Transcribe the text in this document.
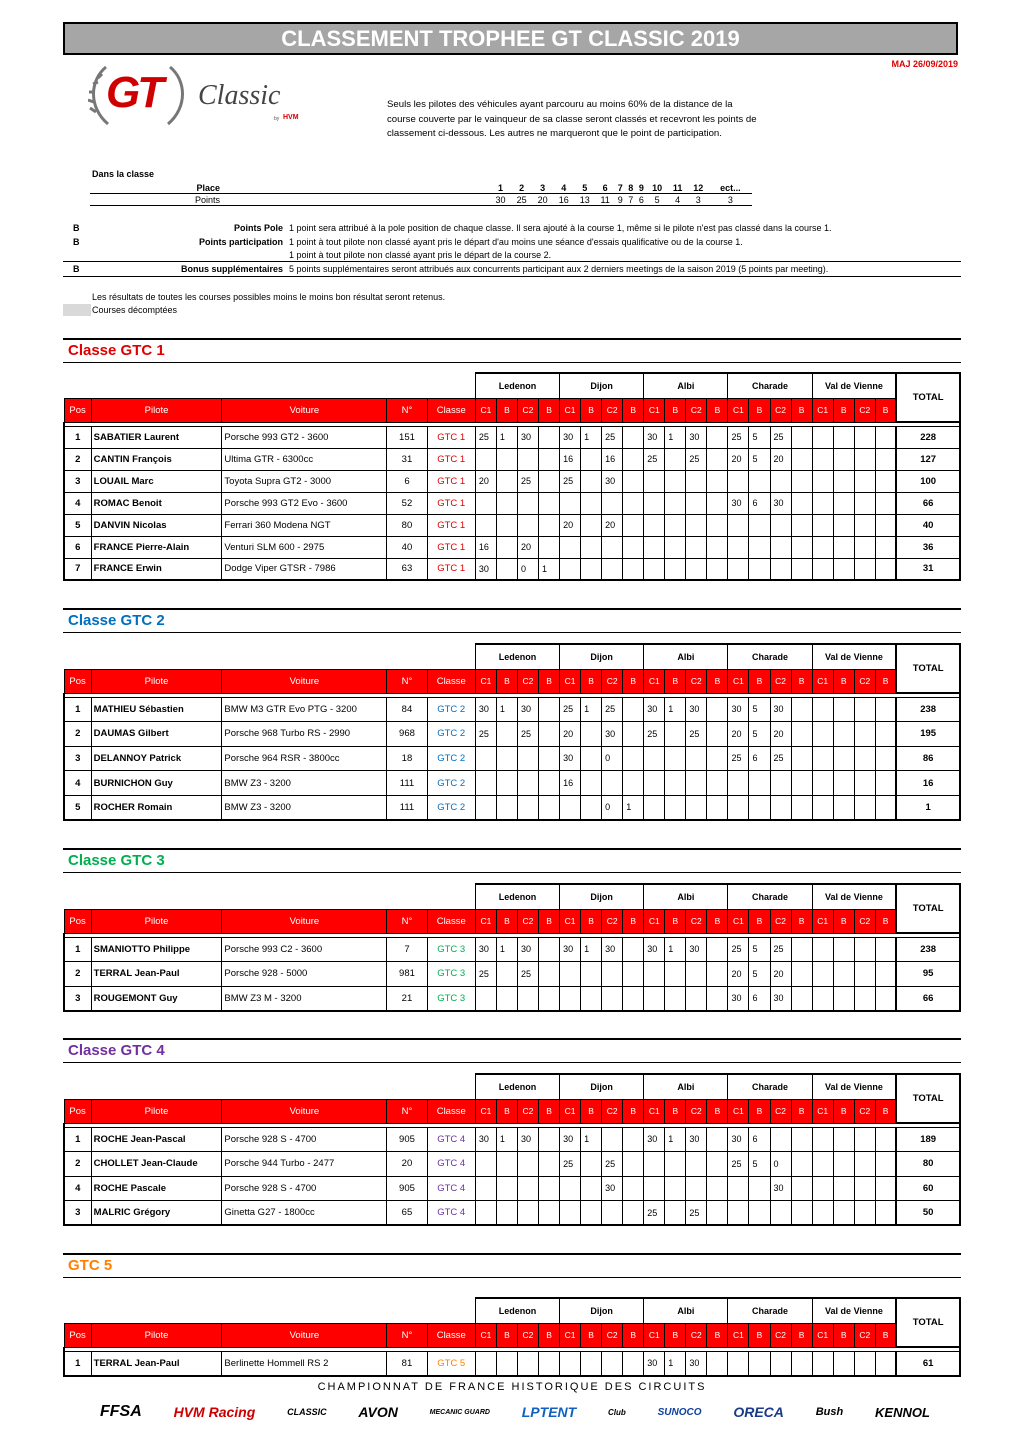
CLASSEMENT TROPHEE GT CLASSIC 2019
MAJ 26/09/2019
GT Classic
by HVM
Seuls les pilotes des véhicules ayant parcouru au moins 60% de la distance de la course couverte par le vainqueur de sa classe seront classés et recevront les points de classement ci-dessous. Les autres ne marqueront que le point de participation.
Dans la classe
Place		1	2	3	4	5	6	7	8	9	10	11	12	ect...
Points		30	25	20	16	13	11	9	7	6	5	4	3	3
B	Points Pole 1 point sera attribué à la pole position de chaque classe. Il sera ajouté à la course 1, même si le pilote n'est pas classé dans la course 1.
B	Points participation 1 point à tout pilote non classé ayant pris le départ d'au moins une séance d'essais qualificative ou de la course 1.
1 point à tout pilote non classé ayant pris le départ de la course 2.
B	Bonus supplémentaires 5 points supplémentaires seront attribués aux concurrents participant aux 2 derniers meetings de la saison 2019 (5 points par meeting).
Les résultats de toutes les courses possibles moins le moins bon résultat seront retenus.
Courses décomptées
Classe GTC 1
					Ledenon				Dijon				Albi				Charade				Val de Vienne				TOTAL
Pos	Pilote	Voiture	N°	Classe	C1	B	C2	B	C1	B	C2	B	C1	B	C2	B	C1	B	C2	B	C1	B	C2	B	

1	SABATIER Laurent	Porsche 993 GT2 - 3600	151	GTC 1	25	1	30		30	1	25		30	1	30		25	5	25						228
2	CANTIN François	Ultima GTR - 6300cc	31	GTC 1					16		16		25		25		20	5	20						127
3	LOUAIL Marc	Toyota Supra GT2 - 3000	6	GTC 1	20		25		25		30														100
4	ROMAC Benoit	Porsche 993 GT2 Evo - 3600	52	GTC 1													30	6	30						66
5	DANVIN Nicolas	Ferrari 360 Modena NGT	80	GTC 1					20		20														40
6	FRANCE Pierre-Alain	Venturi SLM 600 - 2975	40	GTC 1	16		20																		36
7	FRANCE Erwin	Dodge Viper GTSR - 7986	63	GTC 1	30		0	1																	31
Classe GTC 2
					Ledenon				Dijon				Albi				Charade				Val de Vienne				TOTAL
Pos	Pilote	Voiture	N°	Classe	C1	B	C2	B	C1	B	C2	B	C1	B	C2	B	C1	B	C2	B	C1	B	C2	B	

1	MATHIEU Sébastien	BMW M3 GTR Evo PTG - 3200	84	GTC 2	30	1	30		25	1	25		30	1	30		30	5	30						238
2	DAUMAS Gilbert	Porsche 968 Turbo RS - 2990	968	GTC 2	25		25		20		30		25		25		20	5	20						195
3	DELANNOY Patrick	Porsche 964 RSR - 3800cc	18	GTC 2					30		0						25	6	25						86
4	BURNICHON Guy	BMW Z3 - 3200	111	GTC 2					16																16
5	ROCHER Romain	BMW Z3 - 3200	111	GTC 2							0	1													1
Classe GTC 3
					Ledenon				Dijon				Albi				Charade				Val de Vienne				TOTAL
Pos	Pilote	Voiture	N°	Classe	C1	B	C2	B	C1	B	C2	B	C1	B	C2	B	C1	B	C2	B	C1	B	C2	B	

1	SMANIOTTO Philippe	Porsche 993 C2 - 3600	7	GTC 3	30	1	30		30	1	30		30	1	30		25	5	25						238
2	TERRAL Jean-Paul	Porsche 928 - 5000	981	GTC 3	25		25										20	5	20						95
3	ROUGEMONT Guy	BMW Z3 M - 3200	21	GTC 3													30	6	30						66
Classe GTC 4
					Ledenon				Dijon				Albi				Charade				Val de Vienne				TOTAL
Pos	Pilote	Voiture	N°	Classe	C1	B	C2	B	C1	B	C2	B	C1	B	C2	B	C1	B	C2	B	C1	B	C2	B	

1	ROCHE Jean-Pascal	Porsche 928 S - 4700	905	GTC 4	30	1	30		30	1			30	1	30		30	6							189
2	CHOLLET Jean-Claude	Porsche 944 Turbo - 2477	20	GTC 4					25		25						25	5	0						80
4	ROCHE Pascale	Porsche 928 S - 4700	905	GTC 4							30								30						60
3	MALRIC Grégory	Ginetta G27 - 1800cc	65	GTC 4									25		25										50
GTC 5
					Ledenon				Dijon				Albi				Charade				Val de Vienne				TOTAL
Pos	Pilote	Voiture	N°	Classe	C1	B	C2	B	C1	B	C2	B	C1	B	C2	B	C1	B	C2	B	C1	B	C2	B	

1	TERRAL Jean-Paul	Berlinette Hommell RS 2	81	GTC 5									30	1	30										61
CHAMPIONNAT DE FRANCE HISTORIQUE DES CIRCUITS
FFSA HVM Racing	CLASSIC AVON	MECANIC GUARD LPTENT	Club	SUNOCO ORECA	Bush KENNOL
